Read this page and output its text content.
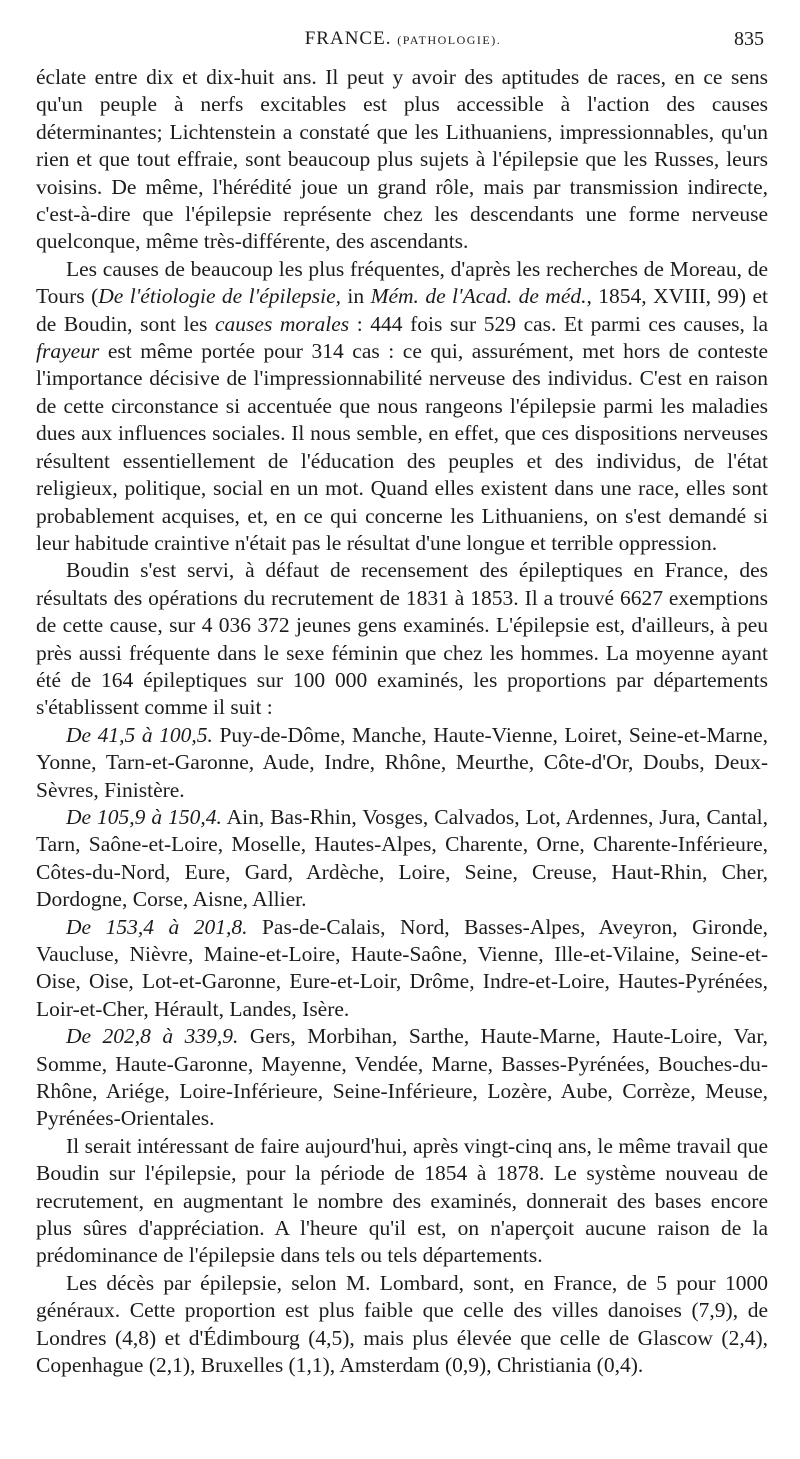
FRANCE. (PATHOLOGIE).	835

éclate entre dix et dix-huit ans. Il peut y avoir des aptitudes de races, en ce sens qu'un peuple à nerfs excitables est plus accessible à l'action des causes déterminantes; Lichtenstein a constaté que les Lithuaniens, impressionnables, qu'un rien et que tout effraie, sont beaucoup plus sujets à l'épilepsie que les Russes, leurs voisins. De même, l'hérédité joue un grand rôle, mais par transmission indirecte, c'est-à-dire que l'épilepsie représente chez les descendants une forme nerveuse quelconque, même très-différente, des ascendants.

Les causes de beaucoup les plus fréquentes, d'après les recherches de Moreau, de Tours (De l'étiologie de l'épilepsie, in Mém. de l'Acad. de méd., 1854, XVIII, 99) et de Boudin, sont les causes morales : 444 fois sur 529 cas. Et parmi ces causes, la frayeur est même portée pour 314 cas : ce qui, assurément, met hors de conteste l'importance décisive de l'impressionnabilité nerveuse des individus. C'est en raison de cette circonstance si accentuée que nous rangeons l'épilepsie parmi les maladies dues aux influences sociales. Il nous semble, en effet, que ces dispositions nerveuses résultent essentiellement de l'éducation des peuples et des individus, de l'état religieux, politique, social en un mot. Quand elles existent dans une race, elles sont probablement acquises, et, en ce qui concerne les Lithuaniens, on s'est demandé si leur habitude craintive n'était pas le résultat d'une longue et terrible oppression.

Boudin s'est servi, à défaut de recensement des épileptiques en France, des résultats des opérations du recrutement de 1831 à 1853. Il a trouvé 6627 exemptions de cette cause, sur 4 036 372 jeunes gens examinés. L'épilepsie est, d'ailleurs, à peu près aussi fréquente dans le sexe féminin que chez les hommes. La moyenne ayant été de 164 épileptiques sur 100 000 examinés, les proportions par départements s'établissent comme il suit :

De 41,5 à 100,5. Puy-de-Dôme, Manche, Haute-Vienne, Loiret, Seine-et-Marne, Yonne, Tarn-et-Garonne, Aude, Indre, Rhône, Meurthe, Côte-d'Or, Doubs, Deux-Sèvres, Finistère.

De 105,9 à 150,4. Ain, Bas-Rhin, Vosges, Calvados, Lot, Ardennes, Jura, Cantal, Tarn, Saône-et-Loire, Moselle, Hautes-Alpes, Charente, Orne, Charente-Inférieure, Côtes-du-Nord, Eure, Gard, Ardèche, Loire, Seine, Creuse, Haut-Rhin, Cher, Dordogne, Corse, Aisne, Allier.

De 153,4 à 201,8. Pas-de-Calais, Nord, Basses-Alpes, Aveyron, Gironde, Vaucluse, Nièvre, Maine-et-Loire, Haute-Saône, Vienne, Ille-et-Vilaine, Seine-et-Oise, Oise, Lot-et-Garonne, Eure-et-Loir, Drôme, Indre-et-Loire, Hautes-Pyrénées, Loir-et-Cher, Hérault, Landes, Isère.

De 202,8 à 339,9. Gers, Morbihan, Sarthe, Haute-Marne, Haute-Loire, Var, Somme, Haute-Garonne, Mayenne, Vendée, Marne, Basses-Pyrénées, Bouches-du-Rhône, Ariége, Loire-Inférieure, Seine-Inférieure, Lozère, Aube, Corrèze, Meuse, Pyrénées-Orientales.

Il serait intéressant de faire aujourd'hui, après vingt-cinq ans, le même travail que Boudin sur l'épilepsie, pour la période de 1854 à 1878. Le système nouveau de recrutement, en augmentant le nombre des examinés, donnerait des bases encore plus sûres d'appréciation. A l'heure qu'il est, on n'aperçoit aucune raison de la prédominance de l'épilepsie dans tels ou tels départements.

Les décès par épilepsie, selon M. Lombard, sont, en France, de 5 pour 1000 généraux. Cette proportion est plus faible que celle des villes danoises (7,9), de Londres (4,8) et d'Édimbourg (4,5), mais plus élevée que celle de Glascow (2,4), Copenhague (2,1), Bruxelles (1,1), Amsterdam (0,9), Christiania (0,4).
